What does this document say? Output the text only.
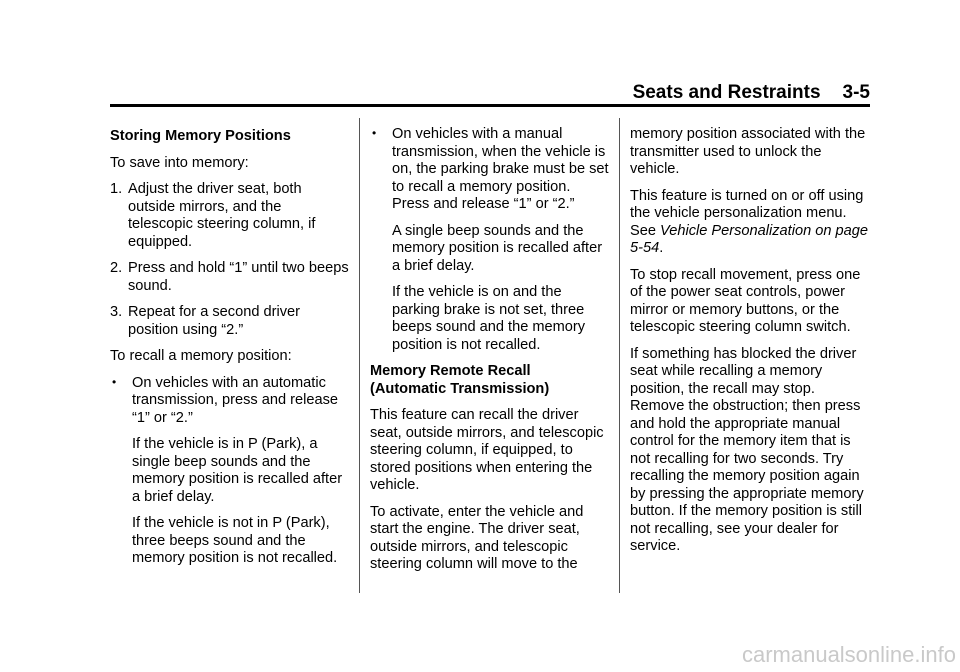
Seats and Restraints 3-5

Storing Memory Positions

To save into memory:

1. Adjust the driver seat, both outside mirrors, and the telescopic steering column, if equipped.

2. Press and hold “1” until two beeps sound.

3. Repeat for a second driver position using “2.”

To recall a memory position:

• On vehicles with an automatic transmission, press and release “1” or “2.”

If the vehicle is in P (Park), a single beep sounds and the memory position is recalled after a brief delay.

If the vehicle is not in P (Park), three beeps sound and the memory position is not recalled.

• On vehicles with a manual transmission, when the vehicle is on, the parking brake must be set to recall a memory position. Press and release “1” or “2.”

A single beep sounds and the memory position is recalled after a brief delay.

If the vehicle is on and the parking brake is not set, three beeps sound and the memory position is not recalled.

Memory Remote Recall (Automatic Transmission)

This feature can recall the driver seat, outside mirrors, and telescopic steering column, if equipped, to stored positions when entering the vehicle.

To activate, enter the vehicle and start the engine. The driver seat, outside mirrors, and telescopic steering column will move to the

memory position associated with the transmitter used to unlock the vehicle.

This feature is turned on or off using the vehicle personalization menu. See Vehicle Personalization on page 5-54.

To stop recall movement, press one of the power seat controls, power mirror or memory buttons, or the telescopic steering column switch.

If something has blocked the driver seat while recalling a memory position, the recall may stop. Remove the obstruction; then press and hold the appropriate manual control for the memory item that is not recalling for two seconds. Try recalling the memory position again by pressing the appropriate memory button. If the memory position is still not recalling, see your dealer for service.

carmanualsonline.info
